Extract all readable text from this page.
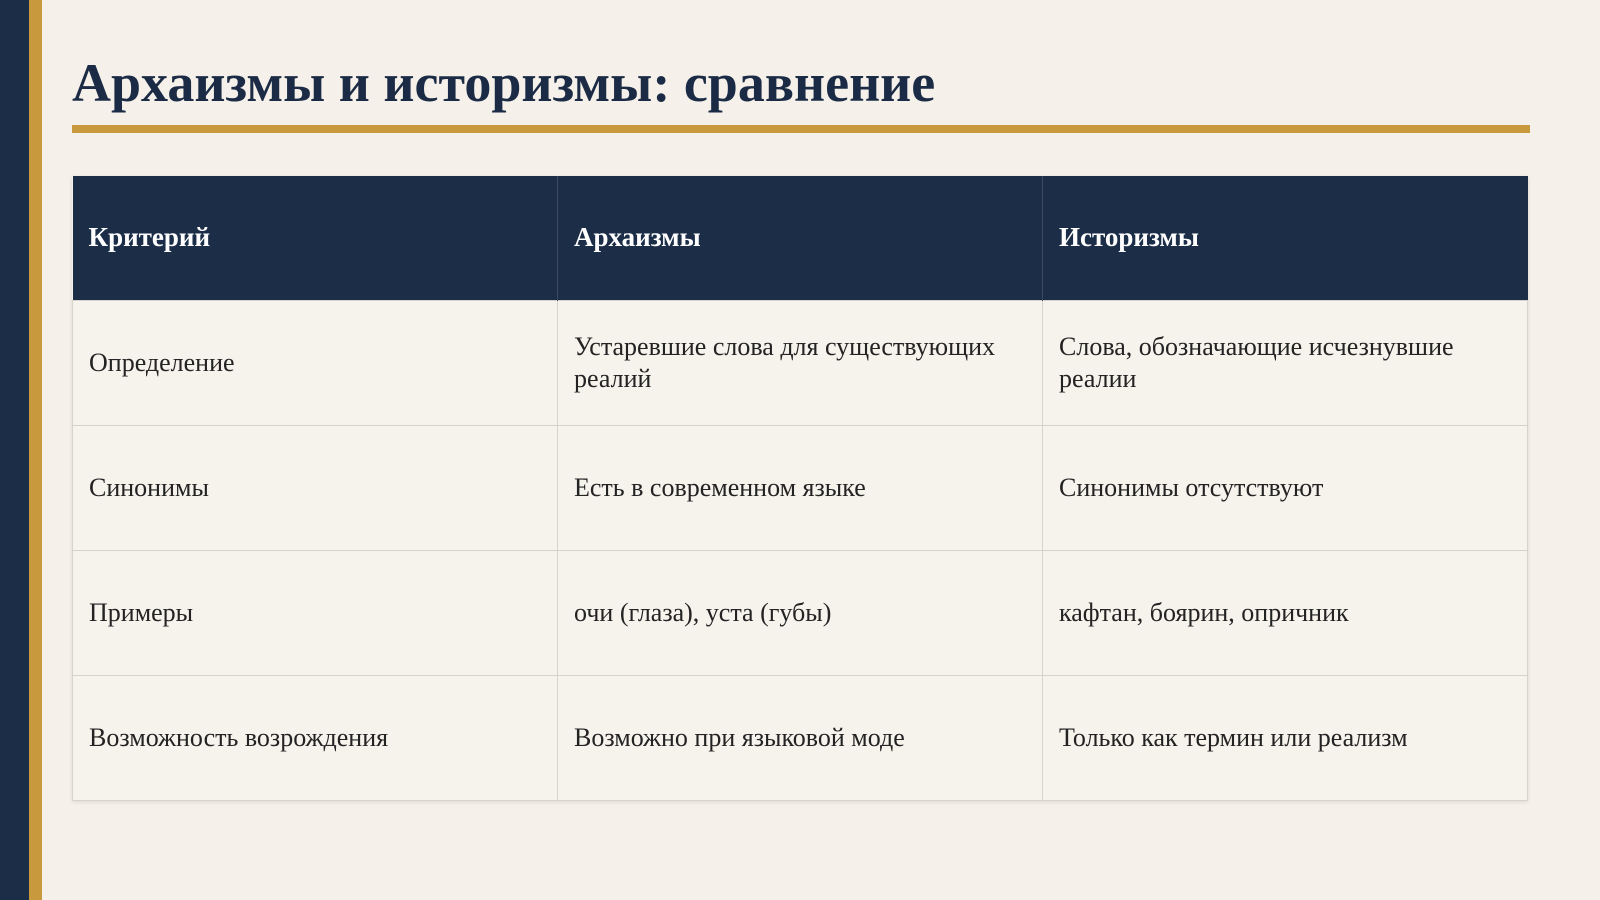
Архаизмы и историзмы: сравнение
Критерий	Архаизмы	Историзмы
Определение	Устаревшие слова для существующих реалий	Слова, обозначающие исчезнувшие реалии
Синонимы	Есть в современном языке	Синонимы отсутствуют
Примеры	очи (глаза), уста (губы)	кафтан, боярин, опричник
Возможность возрождения	Возможно при языковой моде	Только как термин или реализм
